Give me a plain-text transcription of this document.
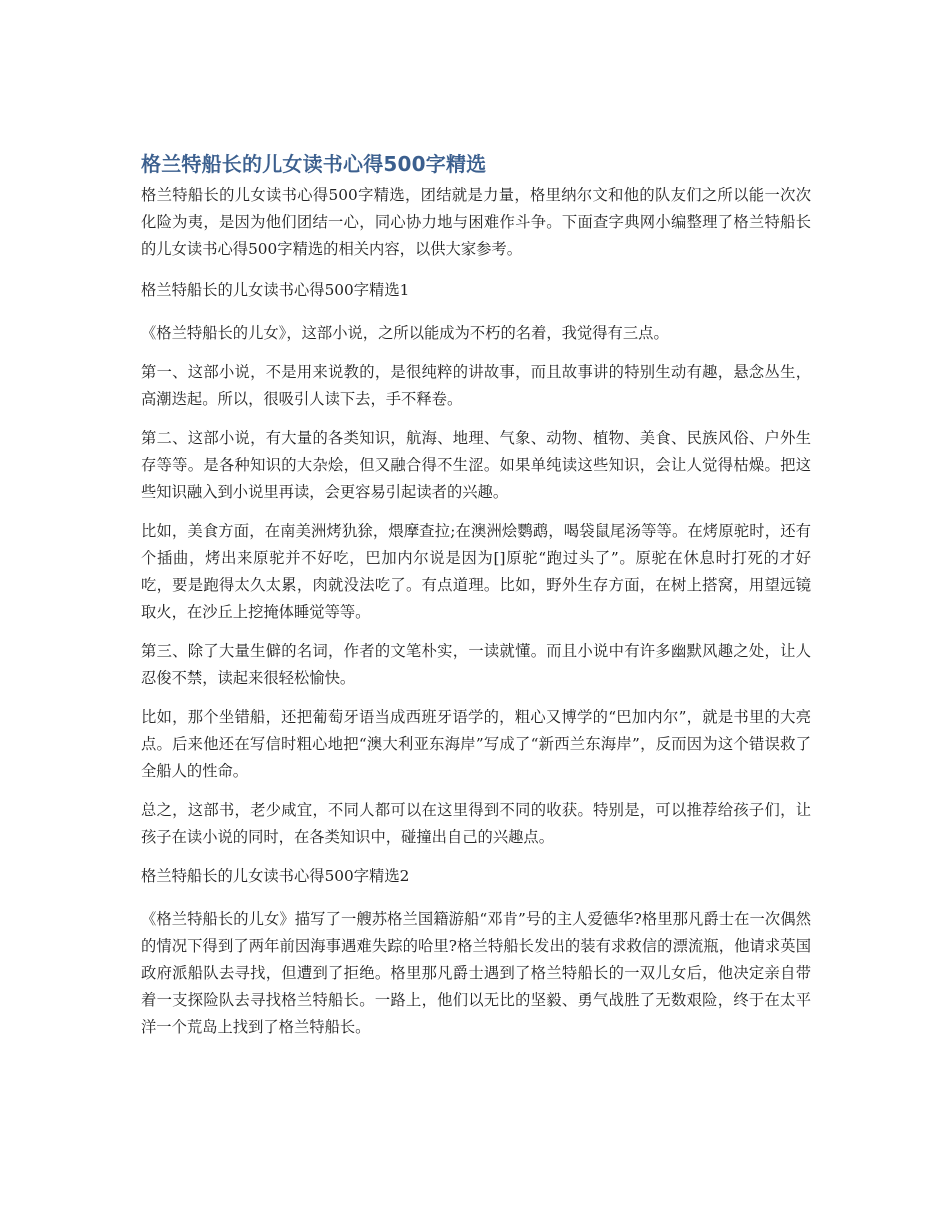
格兰特船长的儿女读书心得500字精选

格兰特船长的儿女读书心得500字精选，团结就是力量，格里纳尔文和他的队友们之所以能一次次化险为夷，是因为他们团结一心，同心协力地与困难作斗争。下面查字典网小编整理了格兰特船长的儿女读书心得500字精选的相关内容，以供大家参考。

格兰特船长的儿女读书心得500字精选1

《格兰特船长的儿女》，这部小说，之所以能成为不朽的名着，我觉得有三点。

第一、这部小说，不是用来说教的，是很纯粹的讲故事，而且故事讲的特别生动有趣，悬念丛生，高潮迭起。所以，很吸引人读下去，手不释卷。

第二、这部小说，有大量的各类知识，航海、地理、气象、动物、植物、美食、民族风俗、户外生存等等。是各种知识的大杂烩，但又融合得不生涩。如果单纯读这些知识，会让人觉得枯燥。把这些知识融入到小说里再读，会更容易引起读者的兴趣。

比如，美食方面，在南美洲烤犰狳，煨摩查拉;在澳洲烩鹦鹉，喝袋鼠尾汤等等。在烤原驼时，还有个插曲，烤出来原驼并不好吃，巴加内尔说是因为[]原驼“跑过头了”。原驼在休息时打死的才好吃，要是跑得太久太累，肉就没法吃了。有点道理。比如，野外生存方面，在树上搭窝，用望远镜取火，在沙丘上挖掩体睡觉等等。

第三、除了大量生僻的名词，作者的文笔朴实，一读就懂。而且小说中有许多幽默风趣之处，让人忍俊不禁，读起来很轻松愉快。

比如，那个坐错船，还把葡萄牙语当成西班牙语学的，粗心又博学的“巴加内尔”，就是书里的大亮点。后来他还在写信时粗心地把“澳大利亚东海岸”写成了“新西兰东海岸”，反而因为这个错误救了全船人的性命。

总之，这部书，老少咸宜，不同人都可以在这里得到不同的收获。特别是，可以推荐给孩子们，让孩子在读小说的同时，在各类知识中，碰撞出自己的兴趣点。

格兰特船长的儿女读书心得500字精选2

《格兰特船长的儿女》描写了一艘苏格兰国籍游船“邓肯”号的主人爱德华?格里那凡爵士在一次偶然的情况下得到了两年前因海事遇难失踪的哈里?格兰特船长发出的装有求救信的漂流瓶，他请求英国政府派船队去寻找，但遭到了拒绝。格里那凡爵士遇到了格兰特船长的一双儿女后，他决定亲自带着一支探险队去寻找格兰特船长。一路上，他们以无比的坚毅、勇气战胜了无数艰险，终于在太平洋一个荒岛上找到了格兰特船长。
